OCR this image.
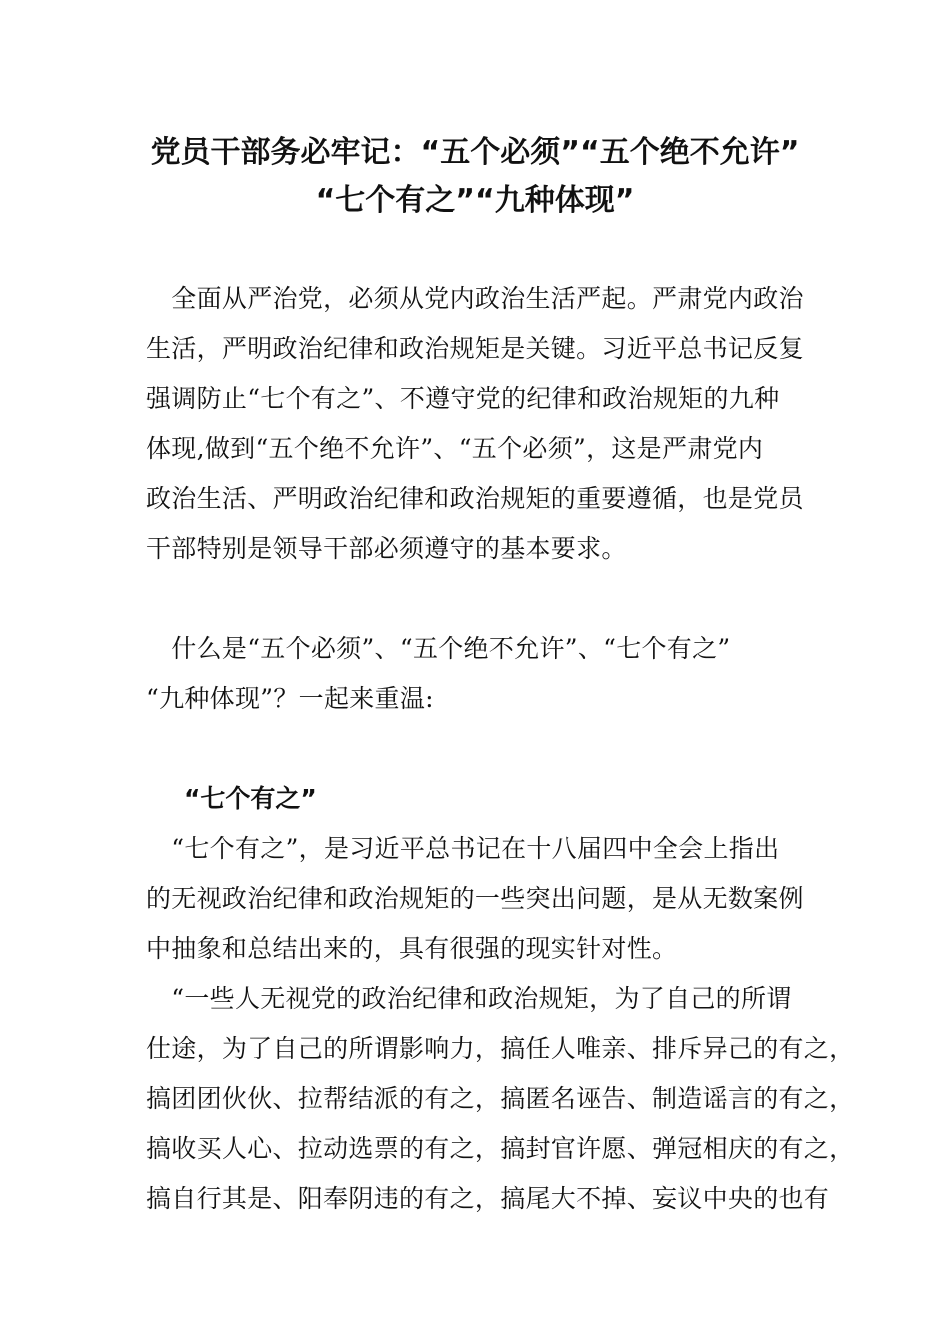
党员干部务必牢记：“五个必须”“五个绝不允许”
“七个有之”“九种体现”
　全面从严治党，必须从党内政治生活严起。严肃党内政治
生活，严明政治纪律和政治规矩是关键。习近平总书记反复
强调防止“七个有之”、不遵守党的纪律和政治规矩的九种
体现,做到“五个绝不允许”、“五个必须”，这是严肃党内
政治生活、严明政治纪律和政治规矩的重要遵循，也是党员
干部特别是领导干部必须遵守的基本要求。
　什么是“五个必须”、“五个绝不允许”、“七个有之”
“九种体现”？一起来重温:
“七个有之”
　“七个有之”，是习近平总书记在十八届四中全会上指出
的无视政治纪律和政治规矩的一些突出问题，是从无数案例
中抽象和总结出来的，具有很强的现实针对性。
　“一些人无视党的政治纪律和政治规矩，为了自己的所谓
仕途，为了自己的所谓影响力，搞任人唯亲、排斥异己的有之，
搞团团伙伙、拉帮结派的有之，搞匿名诬告、制造谣言的有之，
搞收买人心、拉动选票的有之，搞封官许愿、弹冠相庆的有之，
搞自行其是、阳奉阴违的有之，搞尾大不掉、妄议中央的也有
